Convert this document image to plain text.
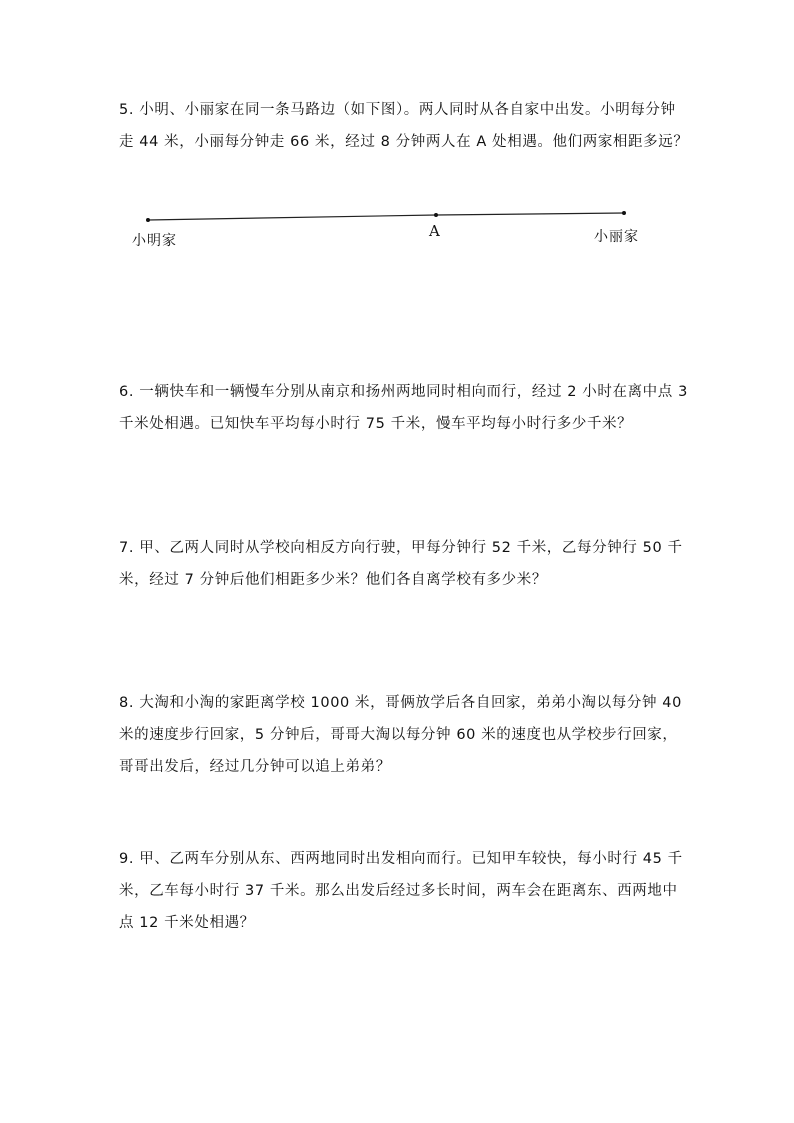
5. 小明、小丽家在同一条马路边（如下图）。两人同时从各自家中出发。小明每分钟走 44 米，小丽每分钟走 66 米，经过 8 分钟两人在 A 处相遇。他们两家相距多远？

小明家
A	小丽家

6. 一辆快车和一辆慢车分别从南京和扬州两地同时相向而行，经过 2 小时在离中点 3 千米处相遇。已知快车平均每小时行 75 千米，慢车平均每小时行多少千米？

7. 甲、乙两人同时从学校向相反方向行驶，甲每分钟行 52 千米，乙每分钟行 50 千米，经过 7 分钟后他们相距多少米？他们各自离学校有多少米？

8. 大淘和小淘的家距离学校 1000 米，哥俩放学后各自回家，弟弟小淘以每分钟 40 米的速度步行回家，5 分钟后，哥哥大淘以每分钟 60 米的速度也从学校步行回家，哥哥出发后，经过几分钟可以追上弟弟？

9. 甲、乙两车分别从东、西两地同时出发相向而行。已知甲车较快，每小时行 45 千米，乙车每小时行 37 千米。那么出发后经过多长时间，两车会在距离东、西两地中点 12 千米处相遇？
